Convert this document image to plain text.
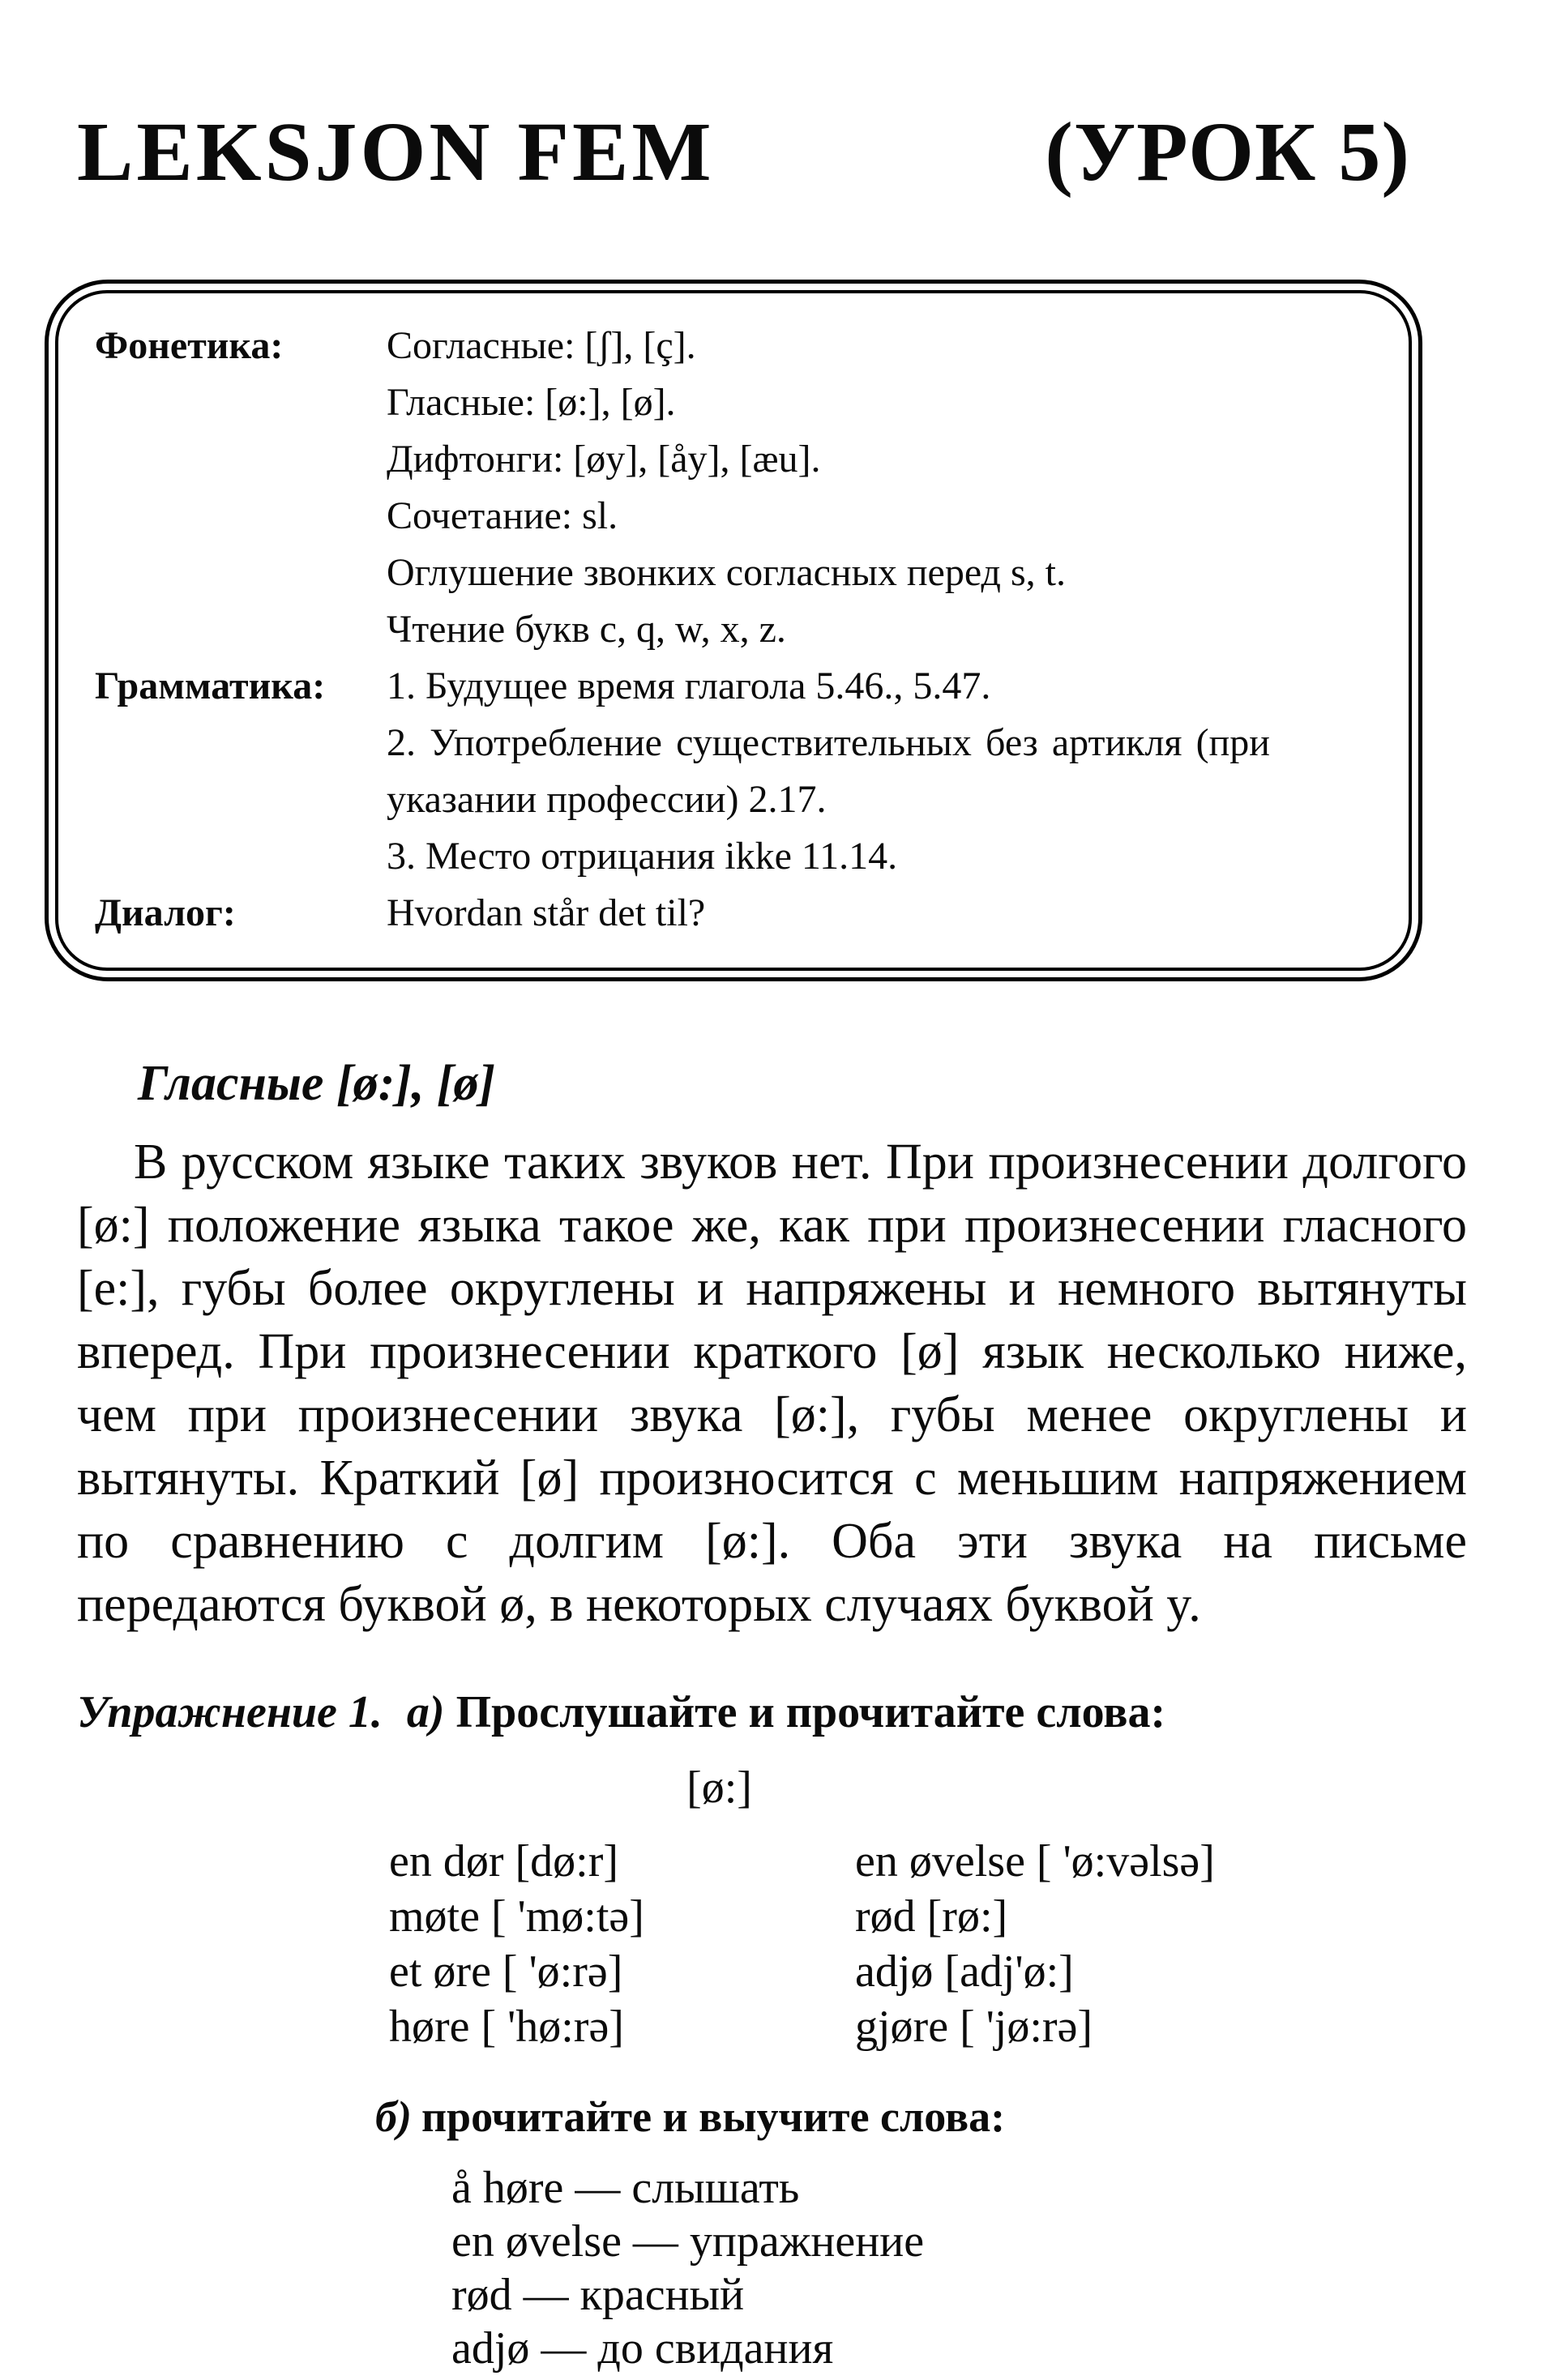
LEKSJON FEM	(УРОК 5)
Фонетика:	Согласные: [ʃ], [ç].
Гласные: [ø:], [ø].
Дифтонги: [øy], [åy], [æu].
Сочетание: sl.
Оглушение звонких согласных перед s, t.
Чтение букв c, q, w, x, z.
Грамматика:	1. Будущее время глагола 5.46., 5.47.
2. Употребление существительных без артикля (при
указании профессии) 2.17.
3. Место отрицания ikke 11.14.
Диалог:	Hvordan står det til?
Гласные [ø:], [ø]
В русском языке таких звуков нет. При произнесении долгого [ø:] положение языка такое же, как при произнесении гласного [е:], губы более округлены и напряжены и немного вытянуты вперед. При произнесении краткого [ø] язык несколько ниже, чем при произнесении звука [ø:], губы менее округлены и вытянуты. Краткий [ø] произносится с меньшим напряжением по сравнению с долгим [ø:]. Оба эти звука на письме передаются буквой ø, в некоторых случаях буквой y.
Упражнение 1. а) Прослушайте и прочитайте слова:
[ø:]
en dør [dø:r]	en øvelse [ 'ø:vəlsə]
møte [ 'mø:tə]	rød [rø:]
et øre [ 'ø:rə]	adjø [adj'ø:]
høre [ 'hø:rə]	gjøre [ 'jø:rə]
б) прочитайте и выучите слова:
å høre — слышать
en øvelse — упражнение
rød — красный
adjø — до свидания
